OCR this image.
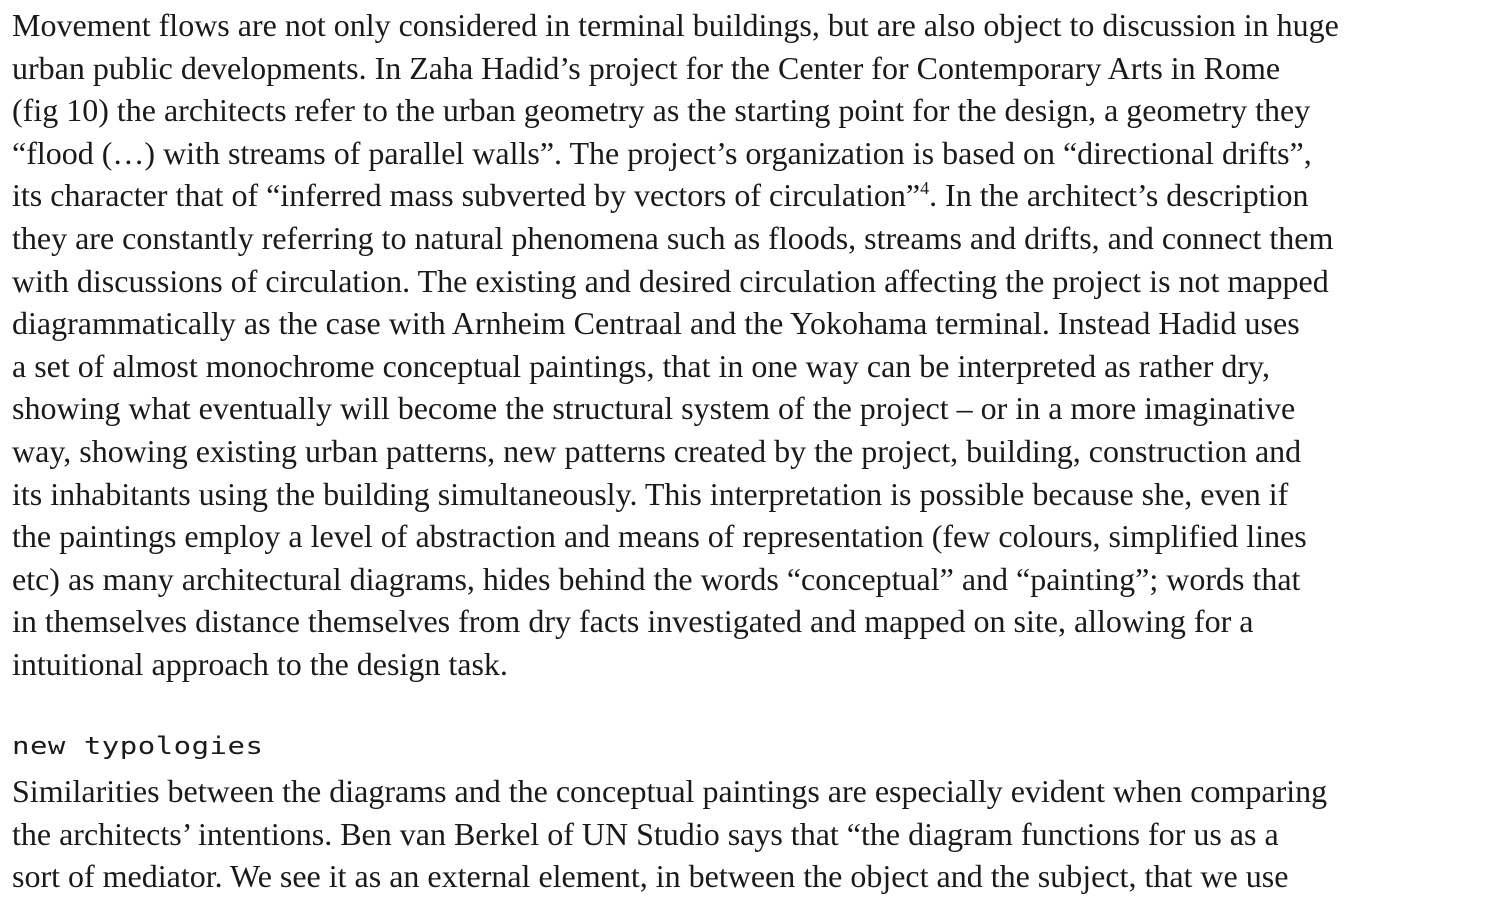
Movement flows are not only considered in terminal buildings, but are also object to discussion in huge
urban public developments. In Zaha Hadid’s project for the Center for Contemporary Arts in Rome
(fig 10) the architects refer to the urban geometry as the starting point for the design, a geometry they
“flood (…) with streams of parallel walls”. The project’s organization is based on “directional drifts”,
its character that of “inferred mass subverted by vectors of circulation”$^4$. In the architect’s description
they are constantly referring to natural phenomena such as floods, streams and drifts, and connect them
with discussions of circulation. The existing and desired circulation affecting the project is not mapped
diagrammatically as the case with Arnheim Centraal and the Yokohama terminal. Instead Hadid uses
a set of almost monochrome conceptual paintings, that in one way can be interpreted as rather dry,
showing what eventually will become the structural system of the project – or in a more imaginative
way, showing existing urban patterns, new patterns created by the project, building, construction and
its inhabitants using the building simultaneously. This interpretation is possible because she, even if
the paintings employ a level of abstraction and means of representation (few colours, simplified lines
etc) as many architectural diagrams, hides behind the words “conceptual” and “painting”; words that
in themselves distance themselves from dry facts investigated and mapped on site, allowing for a
intuitional approach to the design task.
new typologies
Similarities between the diagrams and the conceptual paintings are especially evident when comparing
the architects’ intentions. Ben van Berkel of UN Studio says that “the diagram functions for us as a
sort of mediator. We see it as an external element, in between the object and the subject, that we use
